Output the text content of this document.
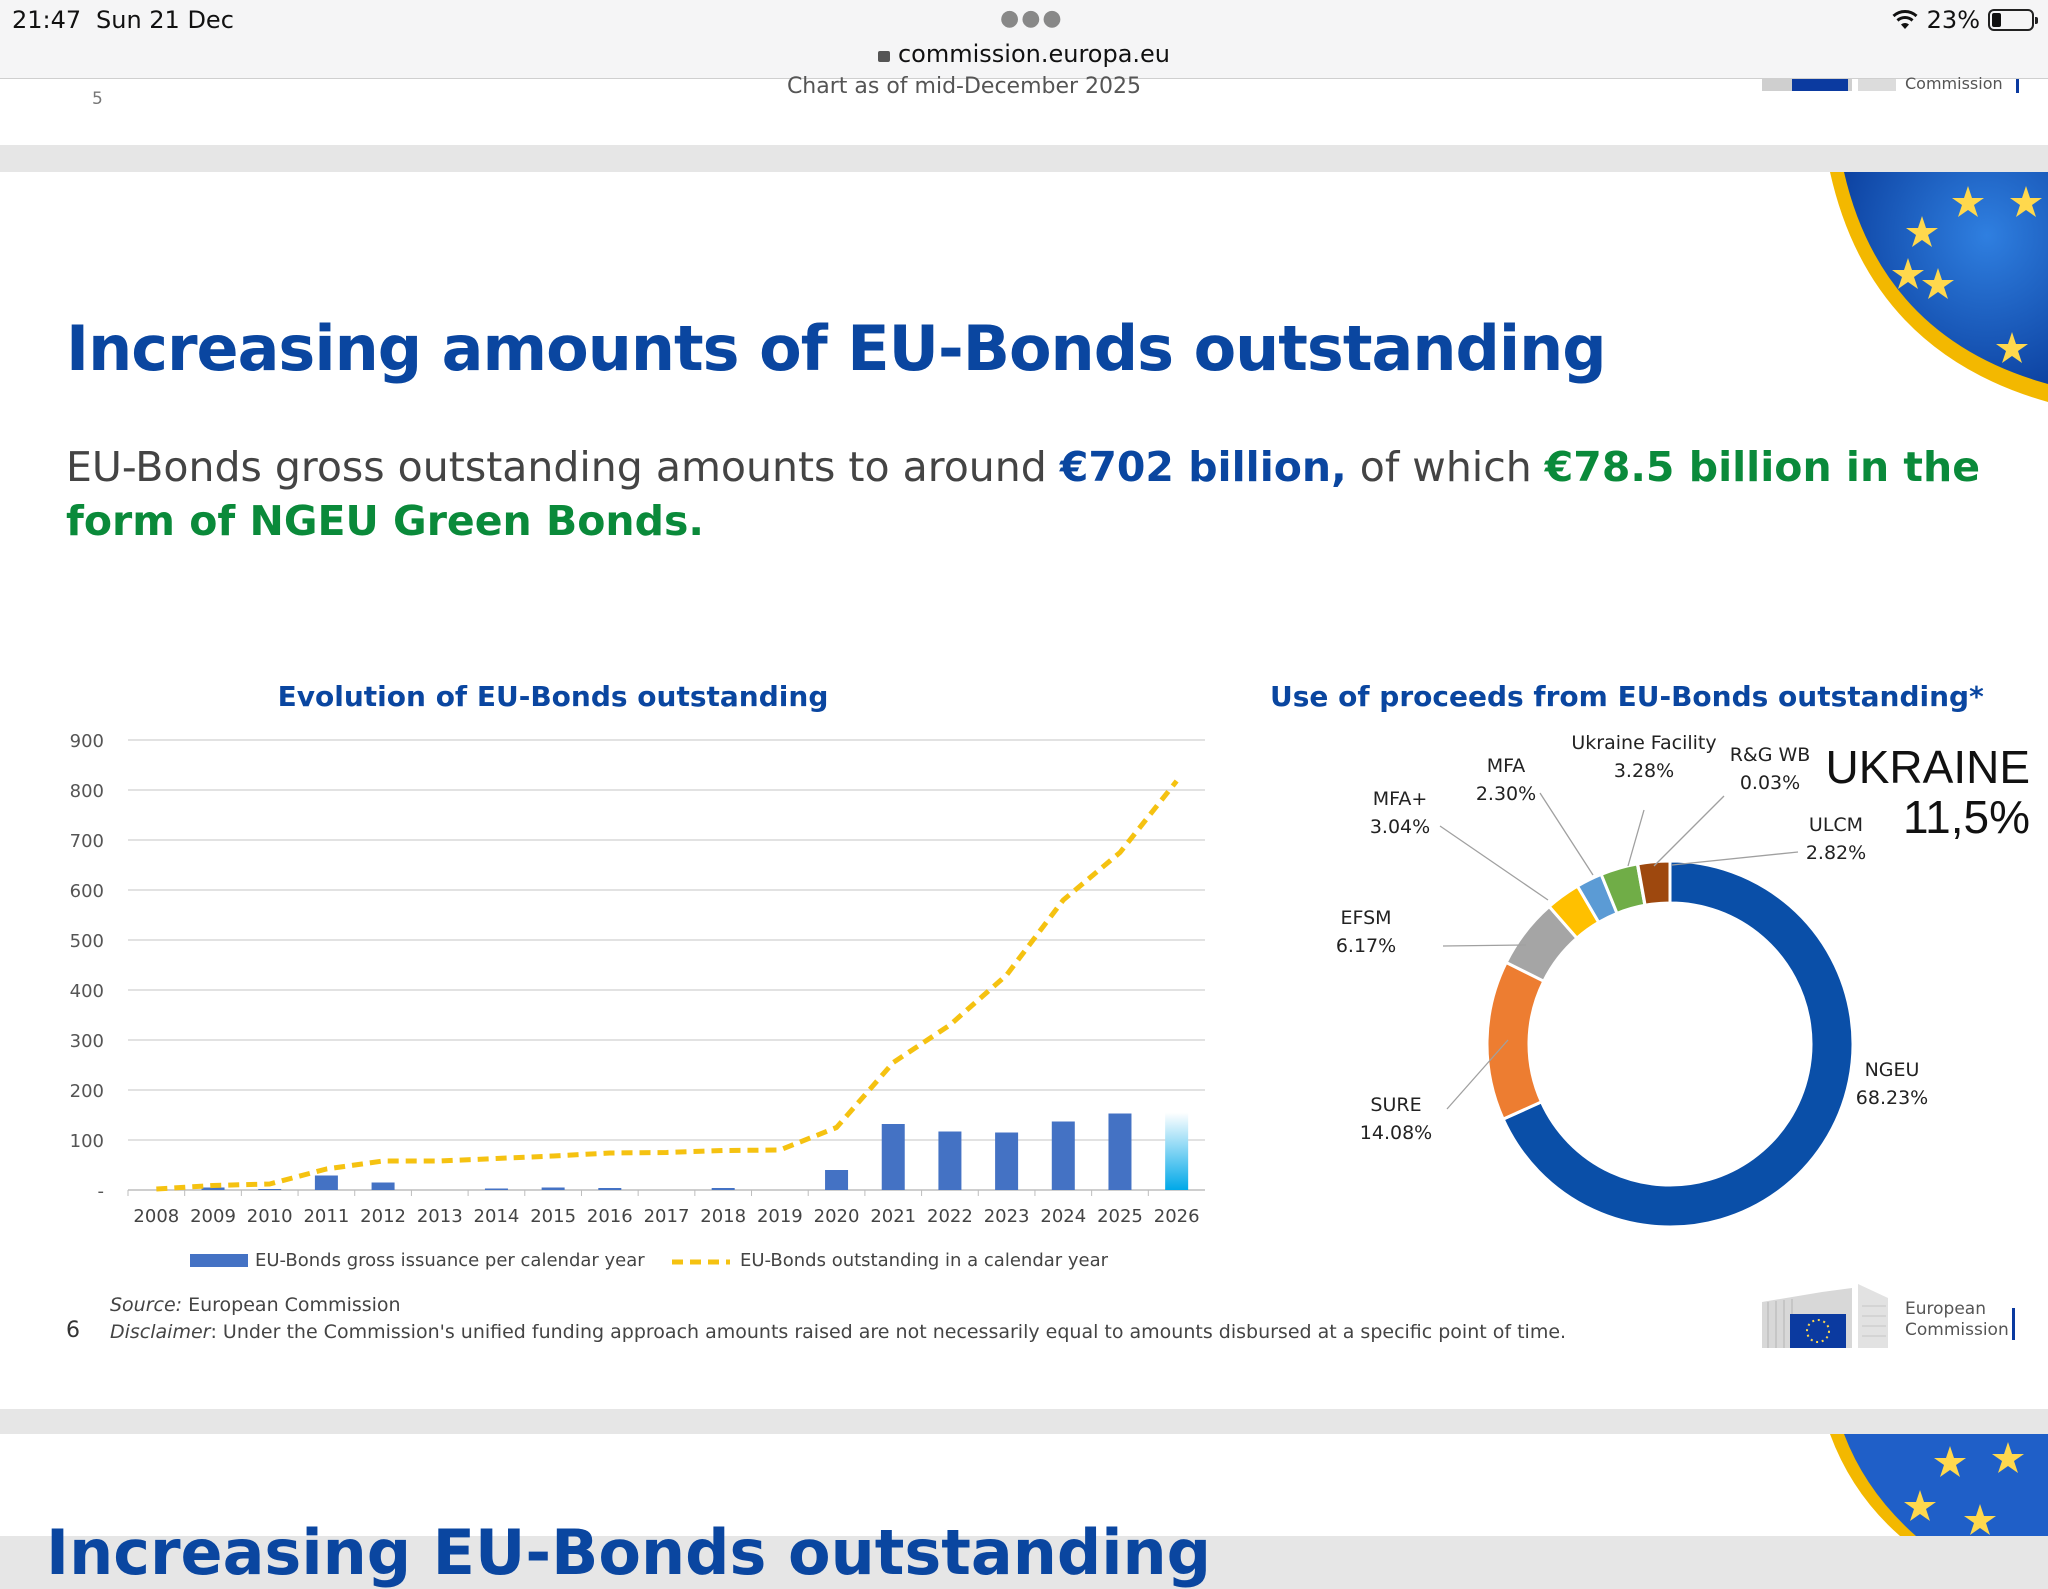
21:47 Sun 21 Dec	●●●
commission.europa.eu
23%
5	Chart as of mid-December 2025	Commission
Increasing amounts of EU-Bonds outstanding

EU-Bonds gross outstanding amounts to around €702 billion, of which €78.5 billion in the form of NGEU Green Bonds.

Evolution of EU-Bonds outstanding
-
100
200
300
400
500
600
700
800
900
2008 2009 2010 2011 2012 2013 2014 2015 2016 2017 2018 2019 2020 2021 2022 2023 2024 2025 2026
EU-Bonds gross issuance per calendar year	EU-Bonds outstanding in a calendar year
Use of proceeds from EU-Bonds outstanding*
NGEU
68.23%
SURE
14.08%
EFSM
6.17%
MFA+
3.04%
MFA
2.30%
Ukraine Facility
3.28%
R&G WB
0.03%
ULCM
2.82%
UKRAINE
11,5%
6
Source: European Commission
Disclaimer: Under the Commission's unified funding approach amounts raised are not necessarily equal to amounts disbursed at a specific point of time.
European
Commission
Increasing EU-Bonds outstanding
